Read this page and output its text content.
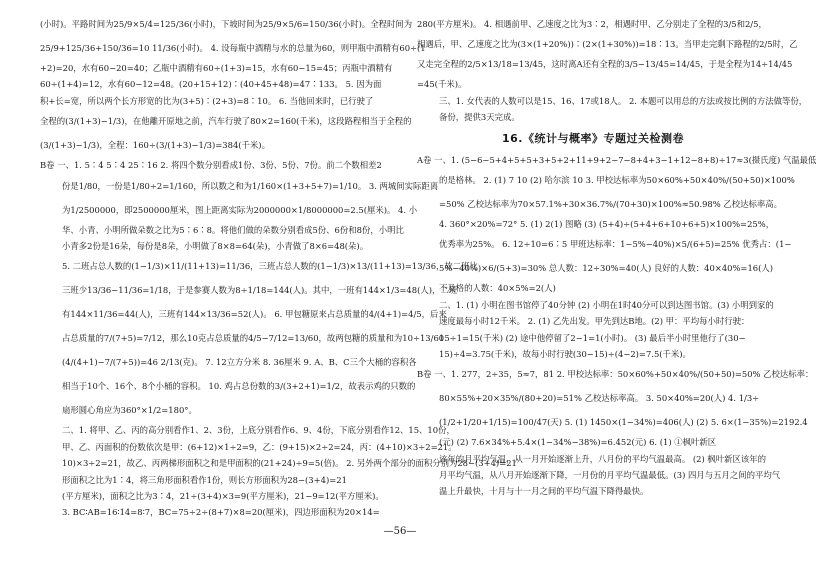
(小时)。平路时间为25/9×5/4=125/36(小时)，下坡时间为25/9×5/6=150/36(小时)。全程时间为
25/9+125/36+150/36=10 11/36(小时)。 4. 设每瓶中酒精与水的总量为60，则甲瓶中酒精有60÷(1
+2)=20，水有60−20=40；乙瓶中酒精有60÷(1+3)=15，水有60−15=45；丙瓶中酒精有
60÷(1+4)=12，水有60−12=48。(20+15+12)∶(40+45+48)=47∶133。 5. 因为面
积+长=宽，所以两个长方形宽的比为(3+5)∶(2+3)=8∶10。 6. 当他回来时，已行驶了
全程的(3/(1+3)−1/3)，在他離开原地之前，汽车行驶了80×2=160(千米)，这段路程相当于全程的
(3/(1+3)−1/3)，全程：160÷(3/(1+3)−1/3)=384(千米)。
B卷 一、1. 5∶4 5∶4 25∶16 2. 将四个数分别看成1份、3份、5份、7份。前二个数相差2
份是1/80，一份是1/80÷2=1/160，所以数之和为1/160×(1+3+5+7)=1/10。 3. 两城间实际距离
为1/2500000，即2500000厘米，图上距离实际为2000000×1/8000000=2.5(厘米)。 4. 小
华、小青、小明所做朵数之比为5∶6∶8。将他们做的朵数分别看成5份、6份和8份，小明比
小青多2份是16朵，每份是8朵，小明做了8×8=64(朵)，小青做了8×6=48(朵)。
5. 二班占总人数的(1−1/3)×11/(11+13)=11/36，三班占总人数的(1−1/3)×13/(11+13)=13/36，故二班比
三班少13/36−11/36=1/18，于是参赛人数为8÷1/18=144(人)。其中，一班有144×1/3=48(人)，二班
有144×11/36=44(人)，三班有144×13/36=52(人)。 6. 甲包糖原来占总质量的4/(4+1)=4/5，后来
占总质量的7/(7+5)=7/12，那么10克占总质量的4/5−7/12=13/60，故两包糖的质量和为10÷13/60
(4/(4+1)−7/(7+5))=46 2/13(克)。 7. 12立方分米 8. 36厘米 9. A、B、C三个大桶的容积各
相当于10个、16个、8个小桶的容积。 10. 鸡占总份数的3/(3+2+1)=1/2，故表示鸡的只数的
扇形圆心角应为360°×1/2=180°。
二、1. 将甲、乙、丙的高分别看作1、2、3份，上底分别看作6、9、4份，下底分别看作12、15、10份，
甲、乙、丙面积的份数依次是甲：(6+12)×1÷2=9，乙：(9+15)×2÷2=24，丙：(4+10)×3÷2=21。
10)×3÷2=21，故乙、丙两梯形面积之和是甲面积的(21+24)÷9=5(倍)。 2. 另外两个部分的面积分别为28−(3+4)=21
形面积之比为1∶4，将三角形面积看作1份，则长方形面积为28−(3+4)=21
(平方厘米)，面积之比为3∶4，21÷(3+4)×3=9(平方厘米)，21−9=12(平方厘米)。
3. BC∶AB=16∶14=8∶7，BC=75÷2÷(8+7)×8=20(厘米)，四边形面积为20×14=
280(平方厘米)。 4. 相遇前甲、乙速度之比为3∶2，相遇时甲、乙分别走了全程的3/5和2/5，
相遇后，甲、乙速度之比为(3×(1+20%))∶(2×(1+30%))=18∶13。当甲走完剩下路程的2/5时，乙
又走完全程的2/5×13/18=13/45，这时离A还有全程的3/5−13/45=14/45，于是全程为14÷14/45
=45(千米)。
三、1. 女代表的人数可以是15、16、17或18人。 2. 本题可以用总的方法或按比例的方法做等份，
备份，提供3天完成。
16.《统计与概率》专题过关检测卷
A卷 一、1. (5−6−5+4+5+5+3+5+2+11+9+2−7−8+4+3−1+12−8+8)÷17≈3(摄氏度) 气温最低
的是格林。 2. (1) 7 10 (2) 哈尔滨 10 3. 甲校达标率为50×60%+50×40%/(50+50)×100%
=50% 乙校达标率为70×57.1%+30×36.7%/(70+30)×100%≈50.98% 乙校达标率高。
4. 360°×20%=72° 5. (1) 2(1) 图略 (3) (5+4)÷(5+4+6+10+6+5)×100%=25%，
优秀率为25%。 6. 12÷10=6∶5 甲班达标率：1−5%−40%)×5/(6+5)=25% 优秀占：(1−
5%−40%)×6/(5+3)=30% 总人数：12÷30%=40(人) 良好的人数：40×40%=16(人)
不及格的人数：40×5%=2(人)
二、1. (1) 小明在图书馆停了40分钟 (2) 小明在1时40分可以到达图书馆。(3) 小明到家的
速度最每小时12千米。 2. (1) 乙先出发。甲先到达B地。(2) 甲：平均每小时行驶：
15÷1=15(千米) (2) 途中他停留了2−1=1(小时)。 (3) 最后半小时里他行了(30−
15)÷4=3.75(千米)，故每小时行驶(30−15)÷(4−2)=7.5(千米)。
B卷 一、1. 277，2÷35，5≈7，81 2. 甲校达标率：50×60%+50×40%/(50+50)=50% 乙校达标率：
80×55%+20×35%/(80+20)=51% 乙校达标率高。 3. 50×40%=20(人) 4. 1/3÷
(1/2+1/20+1/15)=100/47(天) 5. (1) 1450×(1−34%)=406(人) (2) 5. 6×(1−35%)=2192.4
(元) (2) 7.6×34%+5.4×(1−34%−38%)=6.452(元) 6. (1) ①枫叶新区
该年的月平均气温，从一月开始逐渐上升，八月份的平均气温最高。 (2) 枫叶新区该年的
月平均气温，从八月开始逐渐下降，一月份的月平均气温最低。(3) 四月与五月之间的平均气
温上升最快，十月与十一月之间的平均气温下降得最快。
—56—
